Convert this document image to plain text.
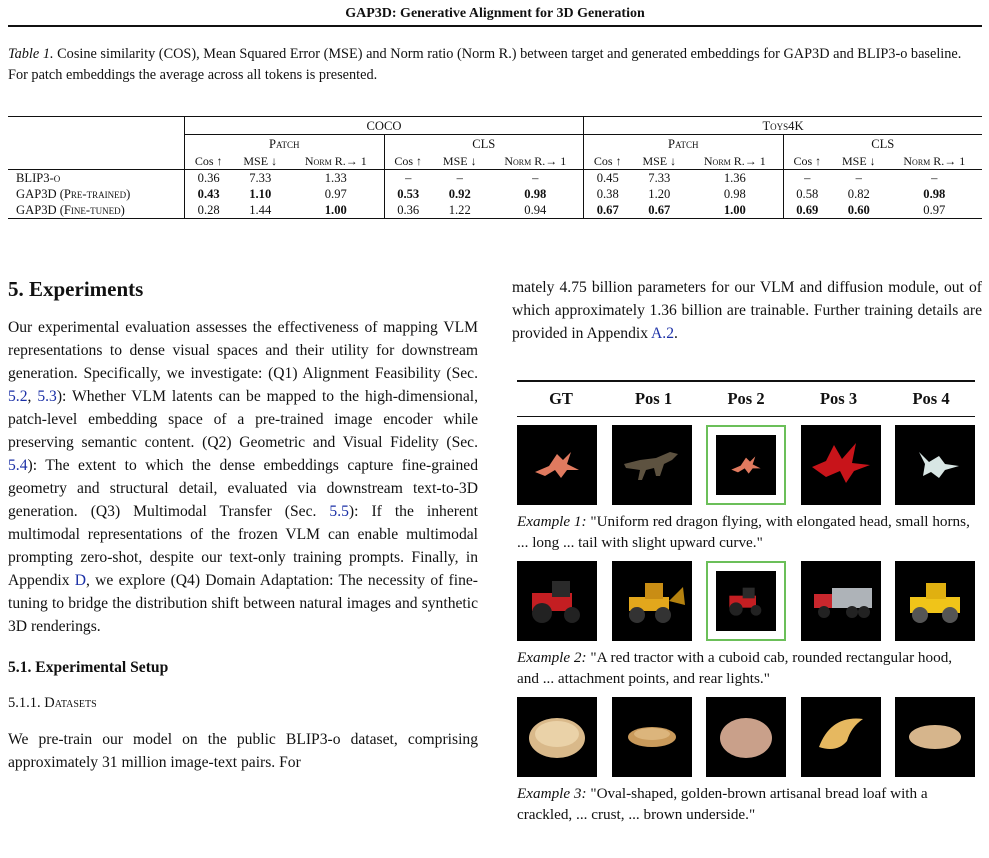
GAP3D: Generative Alignment for 3D Generation
Table 1. Cosine similarity (COS), Mean Squared Error (MSE) and Norm ratio (Norm R.) between target and generated embeddings for GAP3D and BLIP3-o baseline. For patch embeddings the average across all tokens is presented.
	COCO						Toys4K					
	Patch			CLS			Patch			CLS		
	Cos ↑	MSE ↓	Norm R.→ 1	Cos ↑	MSE ↓	Norm R.→ 1	Cos ↑	MSE ↓	Norm R.→ 1	Cos ↑	MSE ↓	Norm R.→ 1
BLIP3-o	0.36	7.33	1.33	–	–	–	0.45	7.33	1.36	–	–	–
GAP3D (Pre-trained)	0.43	1.10	0.97	0.53	0.92	0.98	0.38	1.20	0.98	0.58	0.82	0.98
GAP3D (Fine-tuned)	0.28	1.44	1.00	0.36	1.22	0.94	0.67	0.67	1.00	0.69	0.60	0.97
5. Experiments

Our experimental evaluation assesses the effectiveness of mapping VLM representations to dense visual spaces and their utility for downstream generation. Specifically, we investigate: (Q1) Alignment Feasibility (Sec. 5.2, 5.3): Whether VLM latents can be mapped to the high-dimensional, patch-level embedding space of a pre-trained image encoder while preserving semantic content. (Q2) Geometric and Visual Fidelity (Sec. 5.4): The extent to which the dense embeddings capture fine-grained geometry and structural detail, evaluated via downstream text-to-3D generation. (Q3) Multimodal Transfer (Sec. 5.5): If the inherent multimodal representations of the frozen VLM can enable multimodal prompting zero-shot, despite our text-only training prompts. Finally, in Appendix D, we explore (Q4) Domain Adaptation: The necessity of fine-tuning to bridge the distribution shift between natural images and synthetic 3D renderings.

5.1. Experimental Setup
5.1.1. Datasets

We pre-train our model on the public BLIP3-o dataset, comprising approximately 31 million image-text pairs. For

mately 4.75 billion parameters for our VLM and diffusion module, out of which approximately 1.36 billion are trainable. Further training details are provided in Appendix A.2.

GT	Pos 1	Pos 2	Pos 3	Pos 4
Example 1: "Uniform red dragon flying, with elongated head, small horns, ... long ... tail with slight upward curve."
Example 2: "A red tractor with a cuboid cab, rounded rectangular hood, and ... attachment points, and rear lights."
Example 3: "Oval-shaped, golden-brown artisanal bread loaf with a crackled, ... crust, ... brown underside."
